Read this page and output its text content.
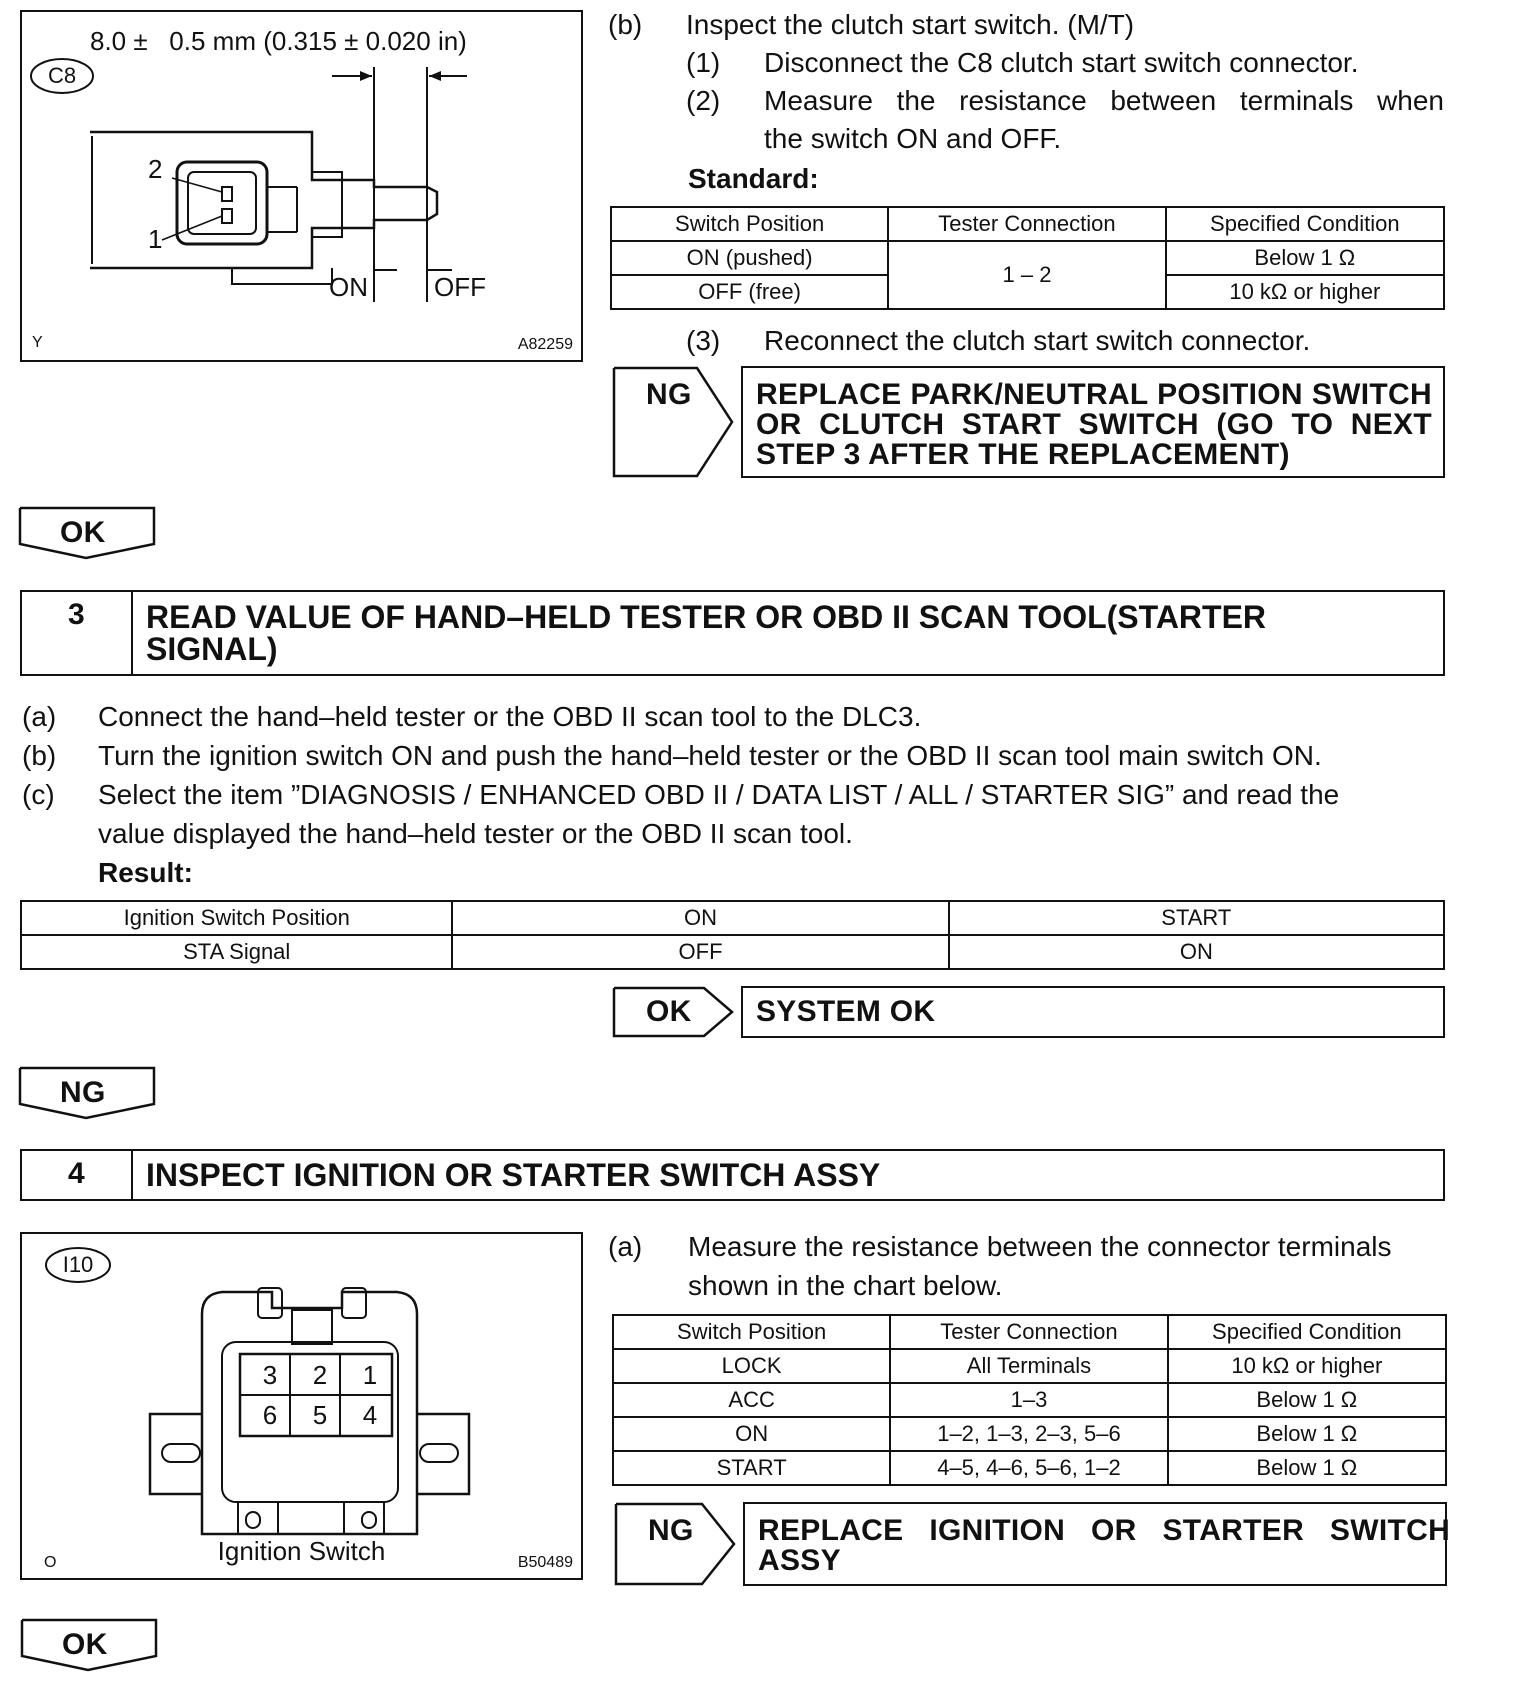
C8
8.0 ±   0.5 mm (0.315 ± 0.020 in)
2
1
ON	OFF
Y	A82259
(b) Inspect the clutch start switch. (M/T)
(1) Disconnect the C8 clutch start switch connector.
(2) Measure the resistance between terminals when
the switch ON and OFF.
Standard:
Switch Position	Tester Connection	Specified Condition
ON (pushed)	1 – 2	Below 1 Ω
OFF (free)		10 kΩ or higher
(3) Reconnect the clutch start switch connector.
NG REPLACE PARK/NEUTRAL POSITION SWITCH
OR  CLUTCH  START  SWITCH  (GO  TO  NEXT
STEP 3 AFTER THE REPLACEMENT)
OK
3 READ VALUE OF HAND–HELD TESTER OR OBD II SCAN TOOL(STARTER
SIGNAL)
(a) Connect the hand–held tester or the OBD II scan tool to the DLC3.
(b) Turn the ignition switch ON and push the hand–held tester or the OBD II scan tool main switch ON.
(c) Select the item ”DIAGNOSIS / ENHANCED OBD II / DATA LIST / ALL / STARTER SIG” and read the
value displayed the hand–held tester or the OBD II scan tool.
Result:
Ignition Switch Position	ON	START
STA Signal	OFF	ON
OK SYSTEM OK
NG
4 INSPECT IGNITION OR STARTER SWITCH ASSY
I10
3	2	1
6	5	4
Ignition Switch
O	B50489
(a) Measure the resistance between the connector terminals
shown in the chart below.
Switch Position	Tester Connection	Specified Condition
LOCK	All Terminals	10 kΩ or higher
ACC	1–3	Below 1 Ω
ON	1–2, 1–3, 2–3, 5–6	Below 1 Ω
START	4–5, 4–6, 5–6, 1–2	Below 1 Ω
NG REPLACE   IGNITION   OR   STARTER   SWITCH
ASSY
OK
